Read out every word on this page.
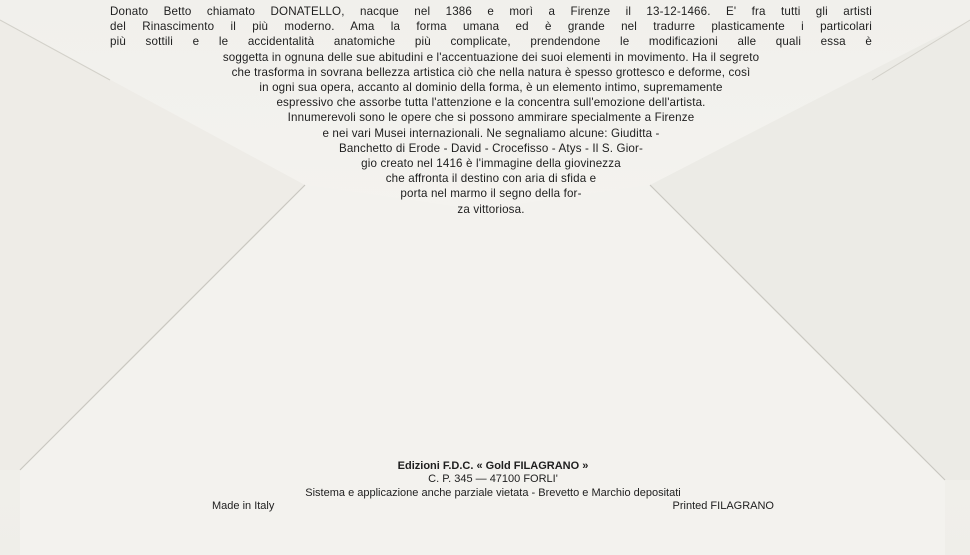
Donato Betto chiamato DONATELLO, nacque nel 1386 e morì a Firenze il 13-12-1466. E' fra tutti gli artisti
del Rinascimento il più moderno. Ama la forma umana ed è grande nel tradurre plasticamente i particolari
più sottili e le accidentalità anatomiche più complicate, prendendone le modificazioni alle quali essa è
soggetta in ognuna delle sue abitudini e l'accentuazione dei suoi elementi in movimento. Ha il segreto
che trasforma in sovrana bellezza artistica ciò che nella natura è spesso grottesco e deforme, così
in ogni sua opera, accanto al dominio della forma, è un elemento intimo, supremamente
espressivo che assorbe tutta l'attenzione e la concentra sull'emozione dell'artista.
Innumerevoli sono le opere che si possono ammirare specialmente a Firenze
e nei vari Musei internazionali. Ne segnaliamo alcune: Giuditta -
Banchetto di Erode - David - Crocefisso - Atys - Il S. Gior-
gio creato nel 1416 è l'immagine della giovinezza
che affronta il destino con aria di sfida e
porta nel marmo il segno della for-
za vittoriosa.
Edizioni F.D.C. « Gold FILAGRANO »
C. P. 345 — 47100 FORLI'
Sistema e applicazione anche parziale vietata - Brevetto e Marchio depositati
Made in Italy	Printed FILAGRANO
